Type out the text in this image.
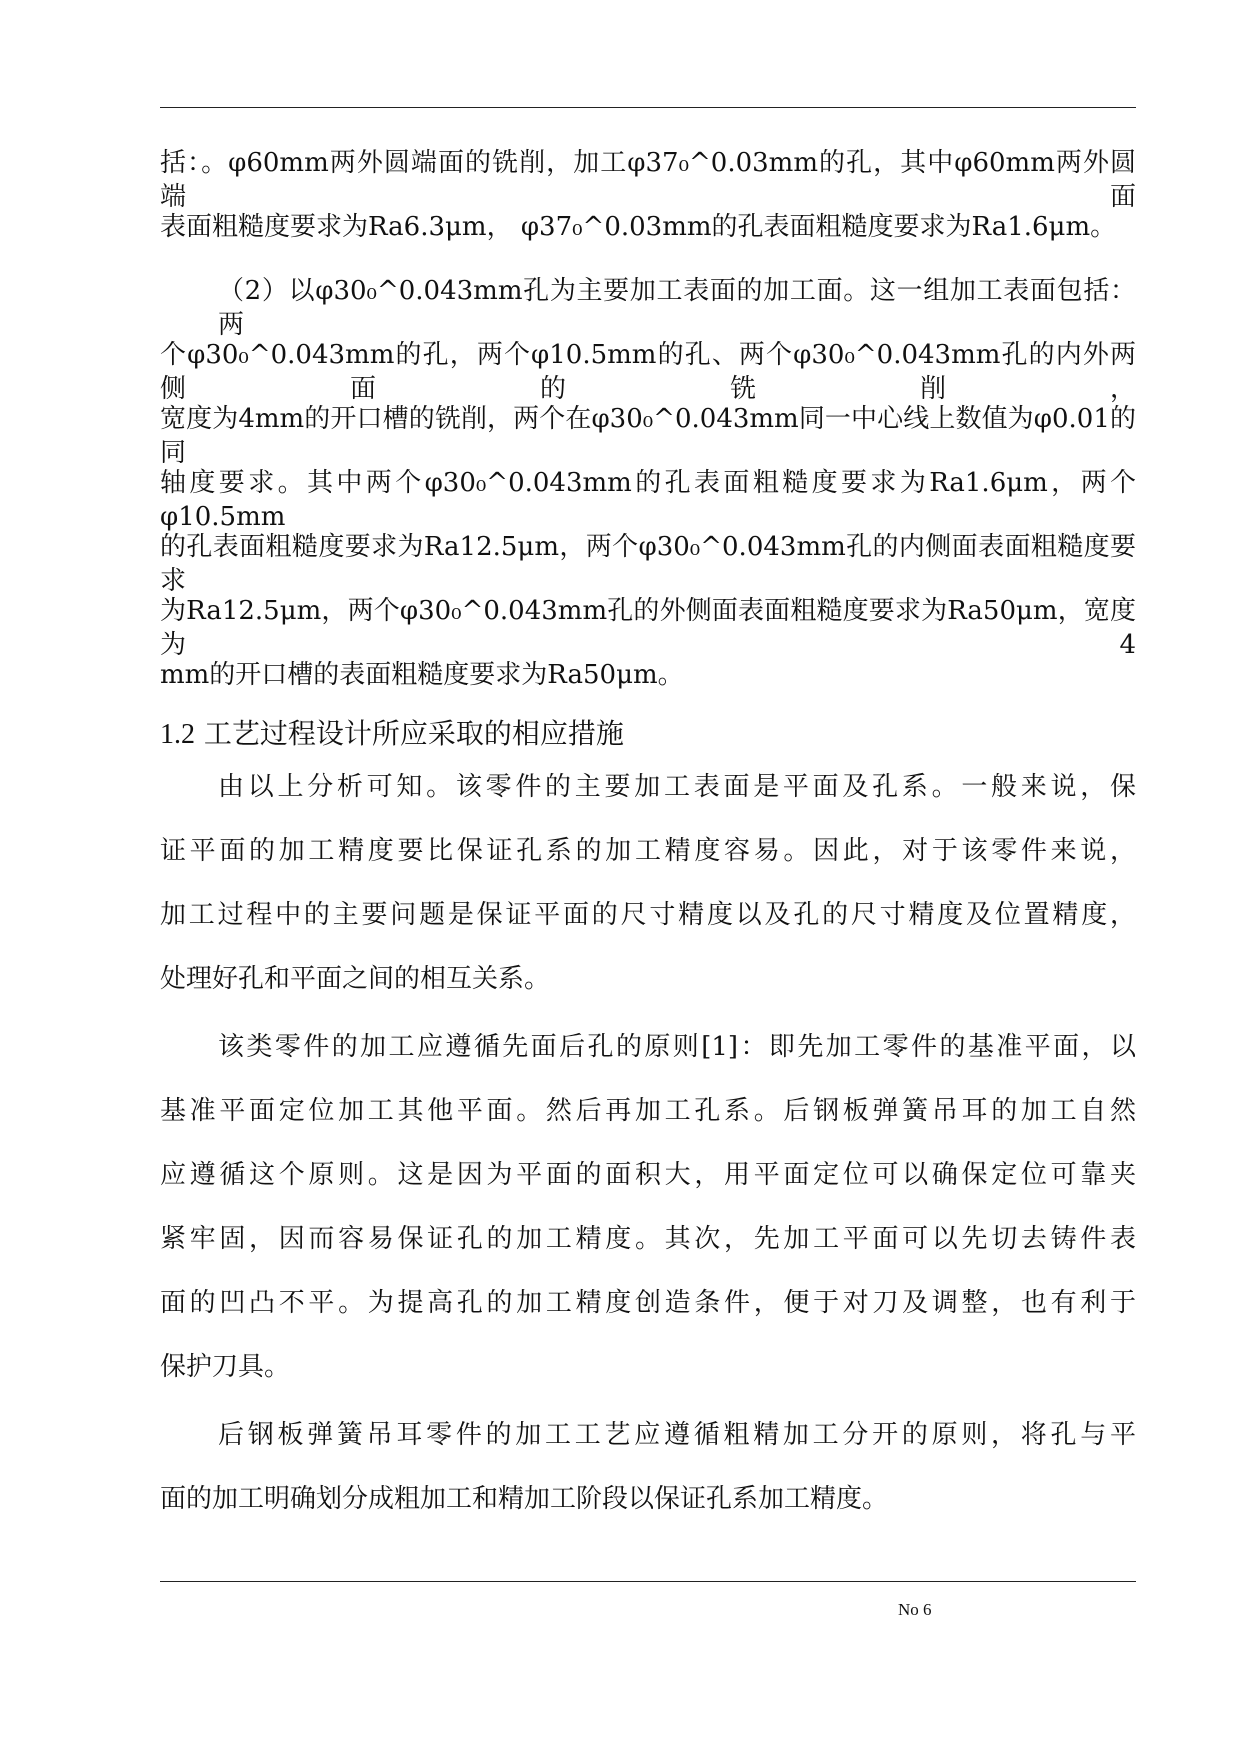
括：。φ60mm两外圆端面的铣削，加工φ37₀^0.03mm的孔，其中φ60mm两外圆端面
表面粗糙度要求为Ra6.3μm， φ37₀^0.03mm的孔表面粗糙度要求为Ra1.6μm。
（2）以φ30₀^0.043mm孔为主要加工表面的加工面。这一组加工表面包括：两
个φ30₀^0.043mm的孔，两个φ10.5mm的孔、两个φ30₀^0.043mm孔的内外两侧面的铣削，
宽度为4mm的开口槽的铣削，两个在φ30₀^0.043mm同一中心线上数值为φ0.01的同
轴度要求。其中两个φ30₀^0.043mm的孔表面粗糙度要求为Ra1.6μm，两个φ10.5mm
的孔表面粗糙度要求为Ra12.5μm，两个φ30₀^0.043mm孔的内侧面表面粗糙度要求
为Ra12.5μm，两个φ30₀^0.043mm孔的外侧面表面粗糙度要求为Ra50μm，宽度为4
mm的开口槽的表面粗糙度要求为Ra50μm。
1.2 工艺过程设计所应采取的相应措施
由以上分析可知。该零件的主要加工表面是平面及孔系。一般来说，保
证平面的加工精度要比保证孔系的加工精度容易。因此，对于该零件来说，
加工过程中的主要问题是保证平面的尺寸精度以及孔的尺寸精度及位置精度，
处理好孔和平面之间的相互关系。
该类零件的加工应遵循先面后孔的原则[1]：即先加工零件的基准平面，以
基准平面定位加工其他平面。然后再加工孔系。后钢板弹簧吊耳的加工自然
应遵循这个原则。这是因为平面的面积大，用平面定位可以确保定位可靠夹
紧牢固，因而容易保证孔的加工精度。其次，先加工平面可以先切去铸件表
面的凹凸不平。为提高孔的加工精度创造条件，便于对刀及调整，也有利于
保护刀具。
后钢板弹簧吊耳零件的加工工艺应遵循粗精加工分开的原则，将孔与平
面的加工明确划分成粗加工和精加工阶段以保证孔系加工精度。
No 6
